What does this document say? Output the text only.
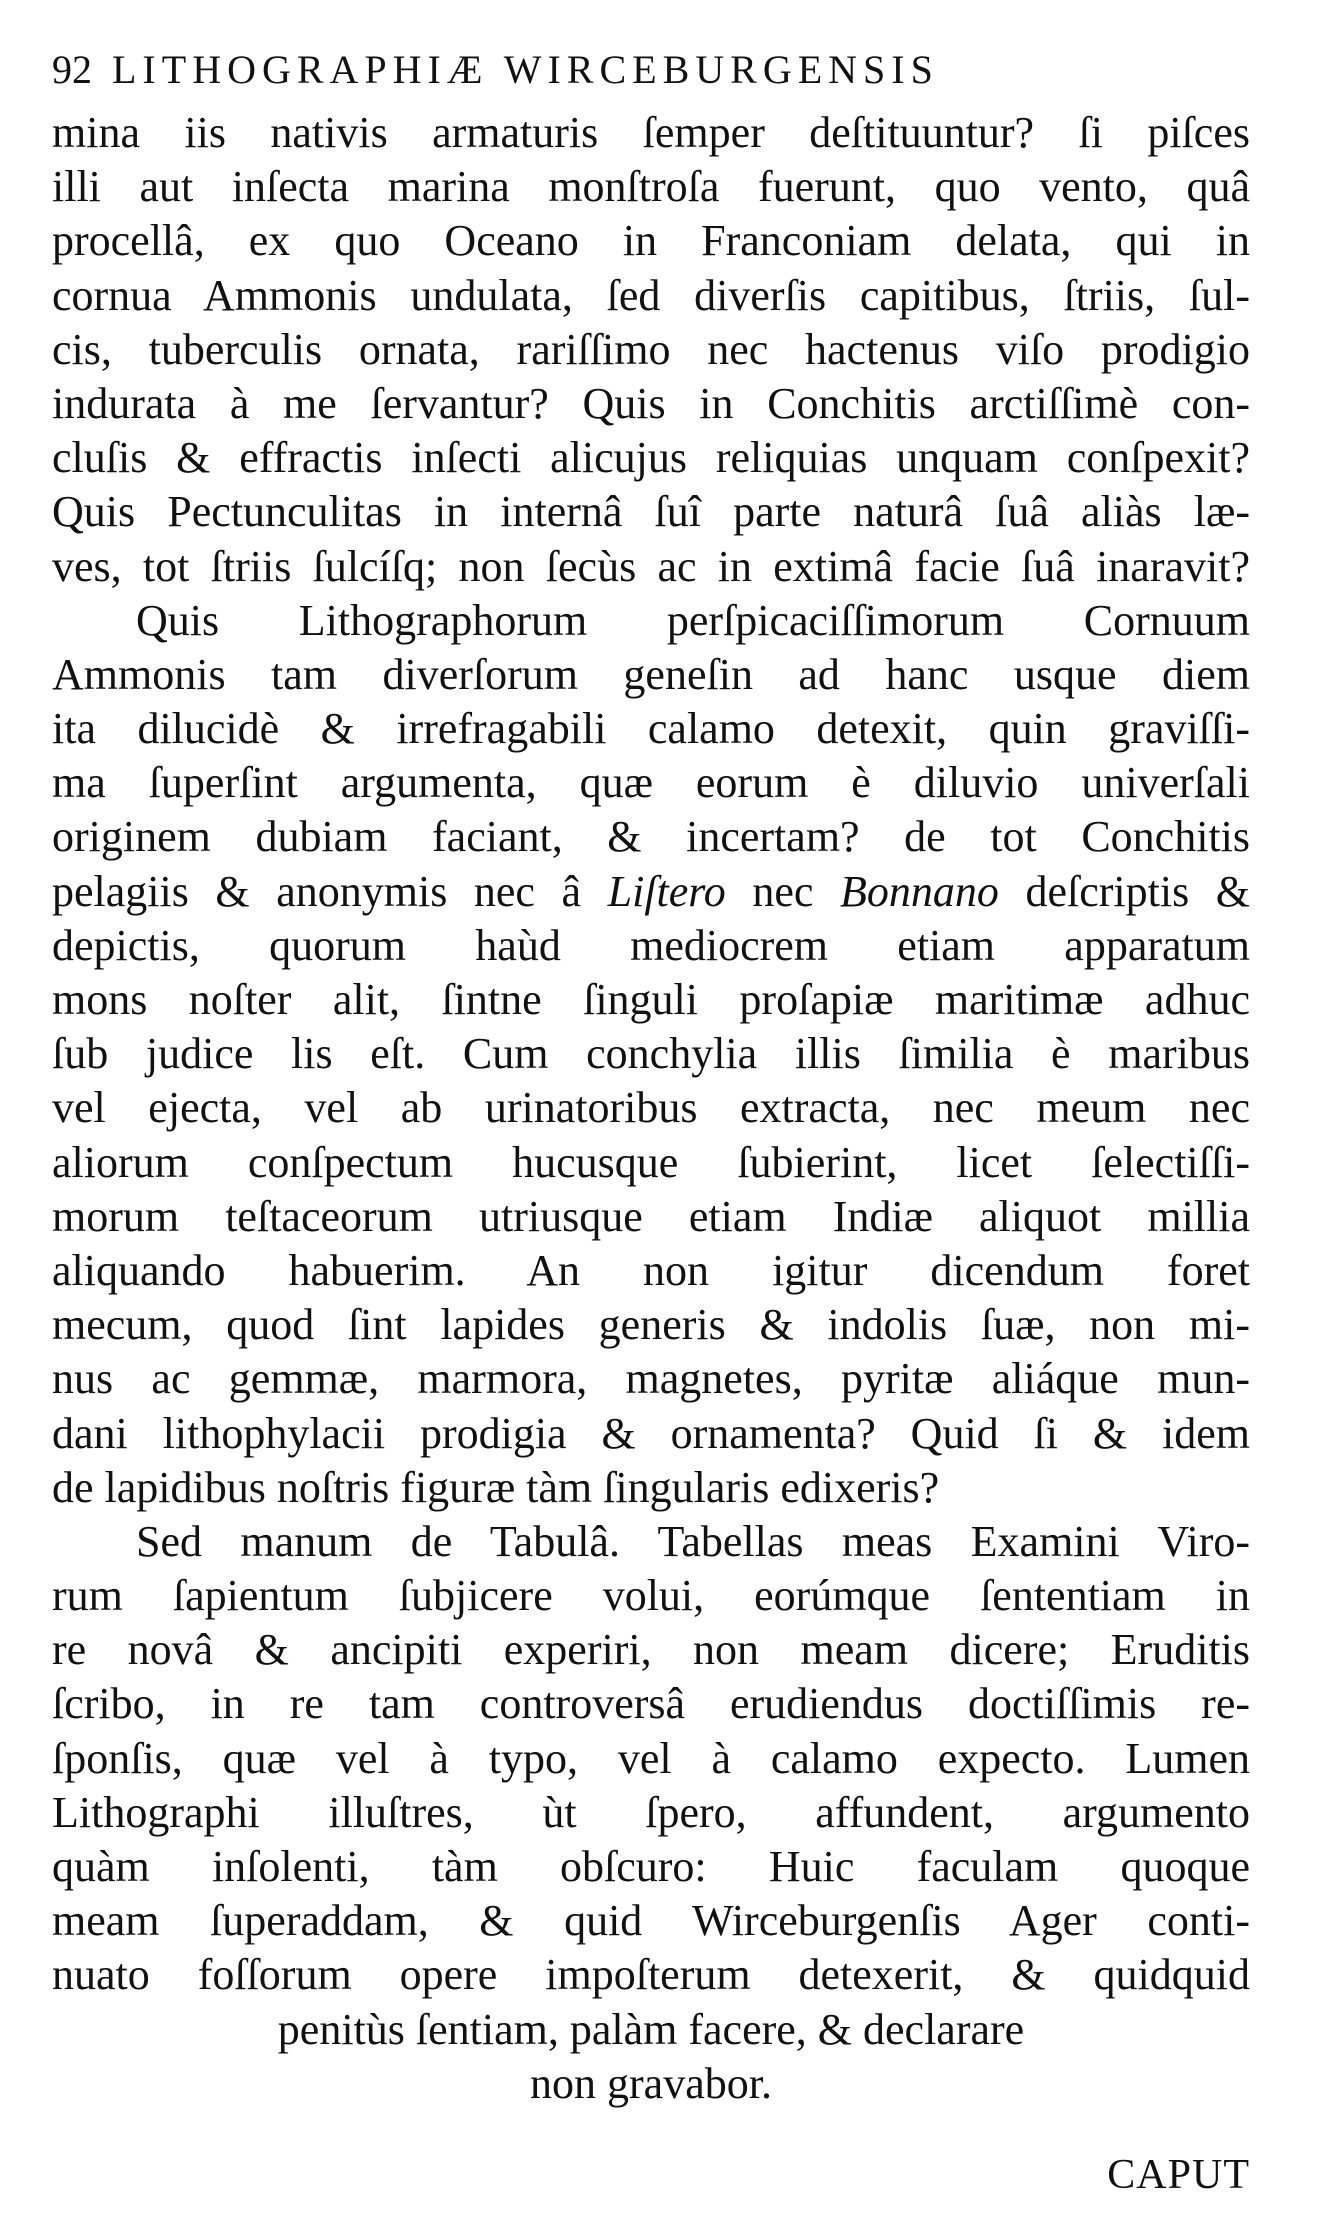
92 LITHOGRAPHIÆ WIRCEBURGENSIS
mina iis nativis armaturis ſemper deſtituuntur? ſi piſces
illi aut inſecta marina monſtroſa fuerunt, quo vento, quâ
procellâ, ex quo Oceano in Franconiam delata, qui in
cornua Ammonis undulata, ſed diverſis capitibus, ſtriis, ſul-
cis, tuberculis ornata, rariſſimo nec hactenus viſo prodigio
indurata à me ſervantur? Quis in Conchitis arctiſſimè con-
cluſis & effractis inſecti alicujus reliquias unquam conſpexit?
Quis Pectunculitas in internâ ſuî parte naturâ ſuâ aliàs læ-
ves, tot ſtriis ſulcíſq; non ſecùs ac in extimâ facie ſuâ inaravit?
Quis Lithographorum perſpicaciſſimorum Cornuum
Ammonis tam diverſorum geneſin ad hanc usque diem
ita dilucidè & irrefragabili calamo detexit, quin graviſſi-
ma ſuperſint argumenta, quæ eorum è diluvio univerſali
originem dubiam faciant, & incertam? de tot Conchitis
pelagiis & anonymis nec â Liſtero nec Bonnano deſcriptis &
depictis, quorum haùd mediocrem etiam apparatum
mons noſter alit, ſintne ſinguli proſapiæ maritimæ adhuc
ſub judice lis eſt. Cum conchylia illis ſimilia è maribus
vel ejecta, vel ab urinatoribus extracta, nec meum nec
aliorum conſpectum hucusque ſubierint, licet ſelectiſſi-
morum teſtaceorum utriusque etiam Indiæ aliquot millia
aliquando habuerim. An non igitur dicendum foret
mecum, quod ſint lapides generis & indolis ſuæ, non mi-
nus ac gemmæ, marmora, magnetes, pyritæ aliáque mun-
dani lithophylacii prodigia & ornamenta? Quid ſi & idem
de lapidibus noſtris figuræ tàm ſingularis edixeris?
Sed manum de Tabulâ. Tabellas meas Examini Viro-
rum ſapientum ſubjicere volui, eorúmque ſententiam in
re novâ & ancipiti experiri, non meam dicere; Eruditis
ſcribo, in re tam controversâ erudiendus doctiſſimis re-
ſponſis, quæ vel à typo, vel à calamo expecto. Lumen
Lithographi illuſtres, ùt ſpero, affundent, argumento
quàm inſolenti, tàm obſcuro: Huic faculam quoque
meam ſuperaddam, & quid Wirceburgenſis Ager conti-
nuato foſſorum opere impoſterum detexerit, & quidquid
penitùs ſentiam, palàm facere, & declarare
non gravabor.
CAPUT
